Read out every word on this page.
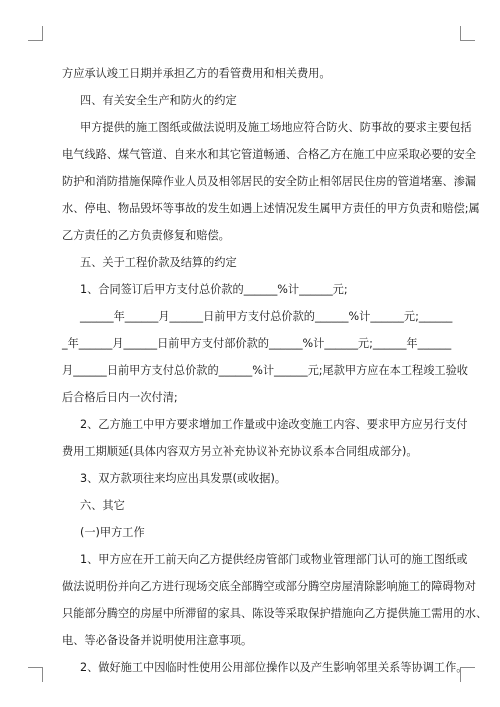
方应承认竣工日期并承担乙方的看管费用和相关费用。
四、有关安全生产和防火的约定
甲方提供的施工图纸或做法说明及施工场地应符合防火、防事故的要求主要包括
电气线路、煤气管道、自来水和其它管道畅通、合格乙方在施工中应采取必要的安全
防护和消防措施保障作业人员及相邻居民的安全防止相邻居民住房的管道堵塞、渗漏
水、停电、物品毁坏等事故的发生如遇上述情况发生属甲方责任的甲方负责和赔偿;属
乙方责任的乙方负责修复和赔偿。
五、关于工程价款及结算的约定
1、合同签订后甲方支付总价款的______%计______元;
______年______月______日前甲方支付总价款的______%计______元;______
_年______月______日前甲方支付部价款的______%计______元;______年______
月______日前甲方支付总价款的______%计______元;尾款甲方应在本工程竣工验收
后合格后日内一次付清;
2、乙方施工中甲方要求增加工作量或中途改变施工内容、要求甲方应另行支付
费用工期顺延(具体内容双方另立补充协议补充协议系本合同组成部分)。
3、双方款项往来均应出具发票(或收据)。
六、其它
(一)甲方工作
1、甲方应在开工前天向乙方提供经房管部门或物业管理部门认可的施工图纸或
做法说明份并向乙方进行现场交底全部腾空或部分腾空房屋清除影响施工的障碍物对
只能部分腾空的房屋中所滞留的家具、陈设等采取保护措施向乙方提供施工需用的水、
电、等必备设备并说明使用注意事项。
2、做好施工中因临时性使用公用部位操作以及产生影响邻里关系等协调工作。
